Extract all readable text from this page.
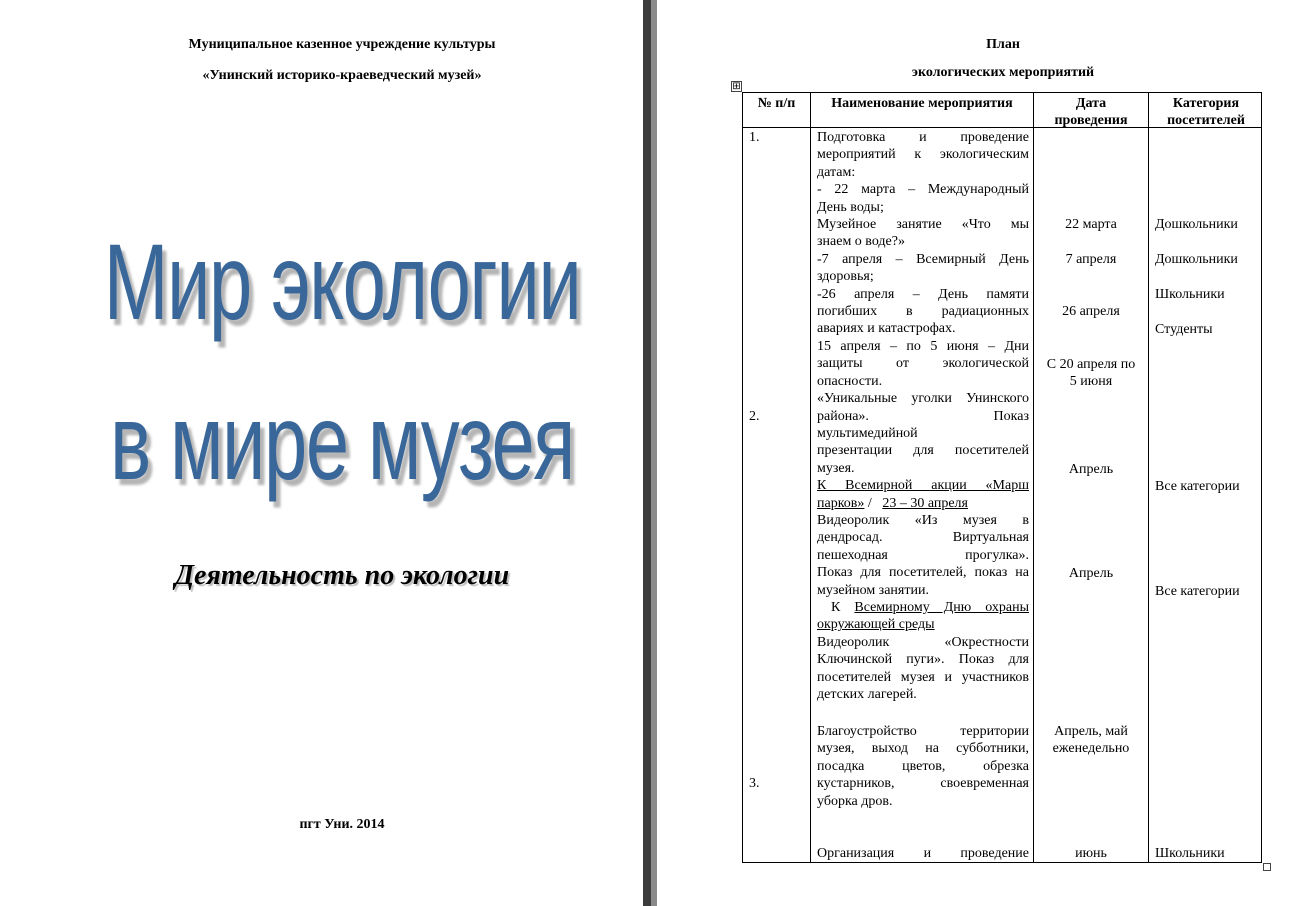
Муниципальное казенное учреждение культуры
«Унинский историко-краеведческий музей»
Мир экологии
в мире музея
Деятельность по экологии
пгт Уни. 2014
План
экологических мероприятий
⊞
№ п/п	Наименование мероприятия	Дата
проведения
Категория
посетителей
1.
2.
3.
Подготовка и проведение
мероприятий к экологическим
датам:
- 22 марта – Международный
День воды;
Музейное занятие «Что мы
знаем о воде?»
-7 апреля – Всемирный День
здоровья;
-26 апреля – День памяти
погибших в радиационных
авариях и катастрофах.
15 апреля – по 5 июня – Дни
защиты от экологической
опасности.
«Уникальные уголки Унинского
района». Показ
мультимедийной
презентации для посетителей
музея.
К Всемирной акции «Марш
парков» /   23 – 30 апреля
Видеоролик «Из музея в
дендросад. Виртуальная
пешеходная прогулка».
Показ для посетителей, показ на
музейном занятии.
К Всемирному Дню охраны
окружающей среды
Видеоролик «Окрестности
Ключинской пуги». Показ для
посетителей музея и участников
детских лагерей.
Благоустройство территории
музея, выход на субботники,
посадка цветов, обрезка
кустарников, своевременная
уборка дров.
Организация и проведение
22 марта
7 апреля
26 апреля
С 20 апреля по
5 июня
Апрель
Апрель
Апрель, май
еженедельно
июнь
Дошкольники
Дошкольники
Школьники
Студенты
Все категории
Все категории
Школьники
